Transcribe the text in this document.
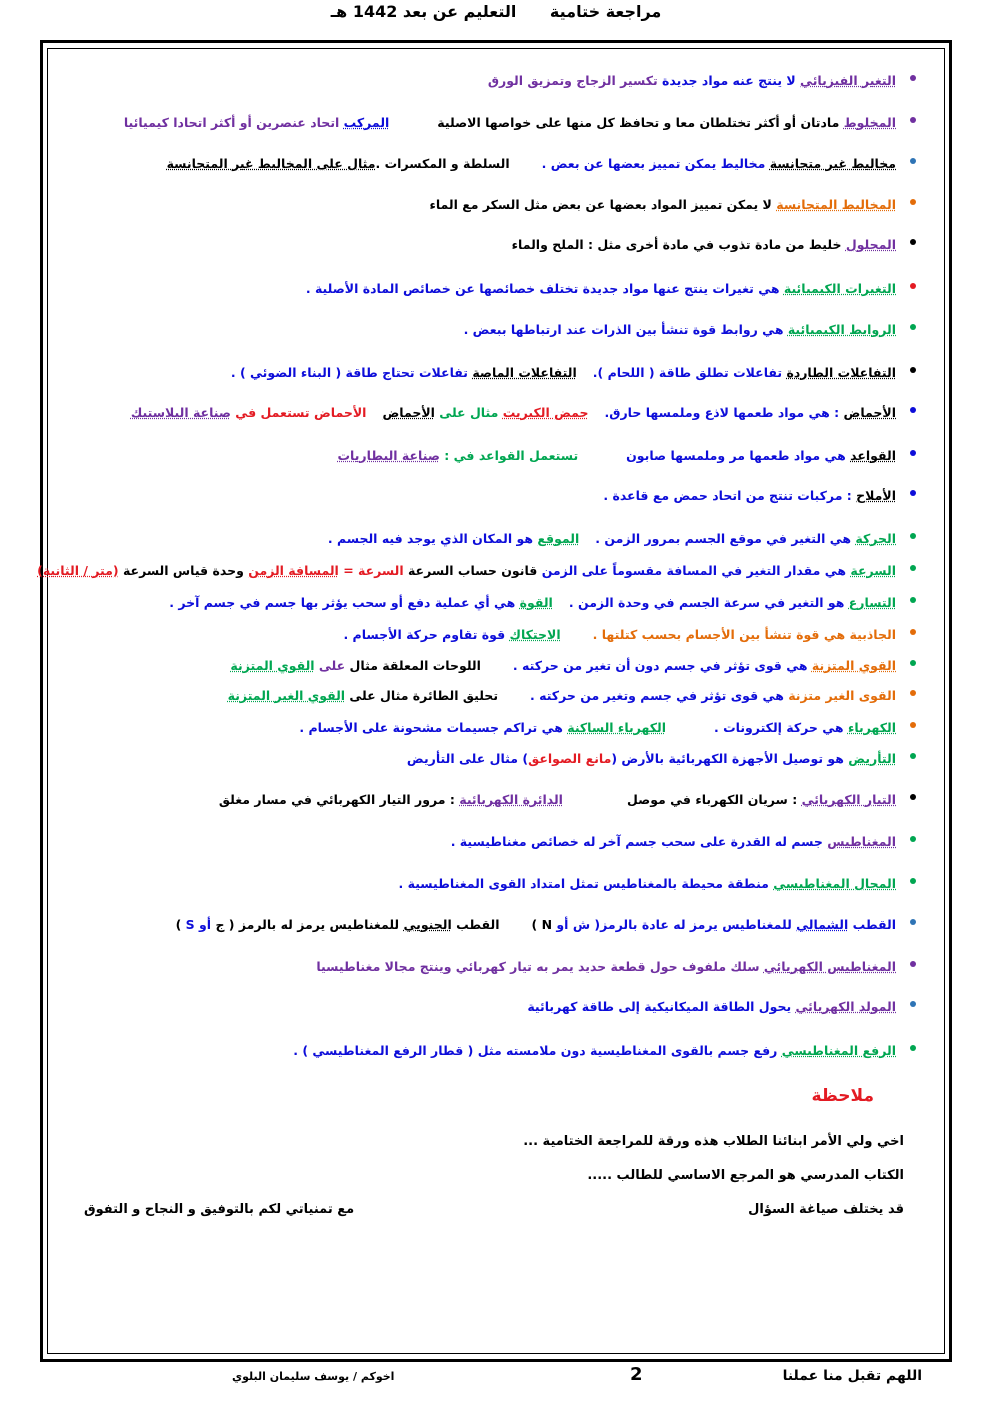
مراجعة ختامية التعليم عن بعد 1442 هـ
التغير الفيزيائي لا ينتج عنه مواد جديدة تكسير الزجاج وتمزيق الورق
المخلوط مادتان أو أكثر تختلطان معا و تحافظ كل منها على خواصها الاصليةالمركب اتحاد عنصرين أو أكثر اتحادا كيميائيا
مخاليط غير متجانسة مخاليط يمكن تمييز بعضها عن بعض .السلطة و المكسرات .مثال على المخاليط غير المتجانسة
المخاليط المتجانسة لا يمكن تمييز المواد بعضها عن بعض مثل السكر مع الماء
المحلول خليط من مادة تذوب في مادة أخرى مثل : الملح والماء
التغيرات الكيميائية هي تغيرات ينتج عنها مواد جديدة تختلف خصائصها عن خصائص المادة الأصلية .
الروابط الكيميائية هي روابط قوة تنشأ بين الذرات عند ارتباطها ببعض .
التفاعلات الطاردة تفاعلات تطلق طاقة ( اللحام ).التفاعلات الماصة تفاعلات تحتاج طاقة ( البناء الضوئي ) .
الأحماض : هي مواد طعمها لاذع وملمسها حارق.حمض الكبريت مثال على الأحماضالأحماض تستعمل في صناعة البلاستيك
القواعد هي مواد طعمها مر وملمسها صابونتستعمل القواعد في : صناعة البطاريات
الأملاح : مركبات تنتج من اتحاد حمض مع قاعدة .
الحركة هي التغير في موقع الجسم بمرور الزمن .الموقع هو المكان الذي يوجد فيه الجسم .
السرعة هي مقدار التغير في المسافة مقسوماً على الزمن قانون حساب السرعة السرعة = المسافة الزمن وحدة قياس السرعة (متر / الثانية)
التسارع هو التغير في سرعة الجسم في وحدة الزمن .القوة هي أي عملية دفع أو سحب يؤثر بها جسم في جسم آخر .
الجاذبية هي قوة تنشأ بين الأجسام بحسب كتلتها .الاحتكاك قوة تقاوم حركة الأجسام .
القوي المتزنة هي قوى تؤثر في جسم دون أن تغير من حركته .اللوحات المعلقة مثال على القوي المتزنة
القوى الغير متزنة هي قوى تؤثر في جسم وتغير من حركته .تحليق الطائرة مثال على القوي الغير المتزنة
الكهرباء هي حركة إلكترونات .الكهرباء الساكنة هي تراكم جسيمات مشحونة على الأجسام .
التأريض هو توصيل الأجهزة الكهربائية بالأرض (مانع الصواعق) مثال على التأريض
التيار الكهربائي : سريان الكهرباء في موصلالدائرة الكهربائية : مرور التيار الكهربائي في مسار مغلق
المغناطيس جسم له القدرة على سحب جسم آخر له خصائص مغناطيسية .
المجال المغناطيسي منطقة محيطة بالمغناطيس تمثل امتداد القوى المغناطيسية .
القطب الشمالي للمغناطيس يرمز له عادة بالرمز( ش أو N )القطب الجنوبي للمغناطيس يرمز له بالرمز ( ج أو S )
المغناطيس الكهربائي سلك ملفوف حول قطعة حديد يمر به تيار كهربائي وينتج مجالا مغناطيسيا
المولد الكهربائي يحول الطاقة الميكانيكية إلى طاقة كهربائية
الرفع المغناطيسي رفع جسم بالقوى المغناطيسية دون ملامسته مثل ( قطار الرفع المغناطيسي ) .
ملاحظة
اخي ولي الأمر ابنائنا الطلاب هذه ورقة للمراجعة الختامية ...
الكتاب المدرسي هو المرجع الاساسي للطالب .....
قد يختلف صياغة السؤال
مع تمنياتي لكم بالتوفيق و النجاح و التفوق
اللهم تقبل منا عملنا
2
اخوكم / يوسف سليمان البلوي
